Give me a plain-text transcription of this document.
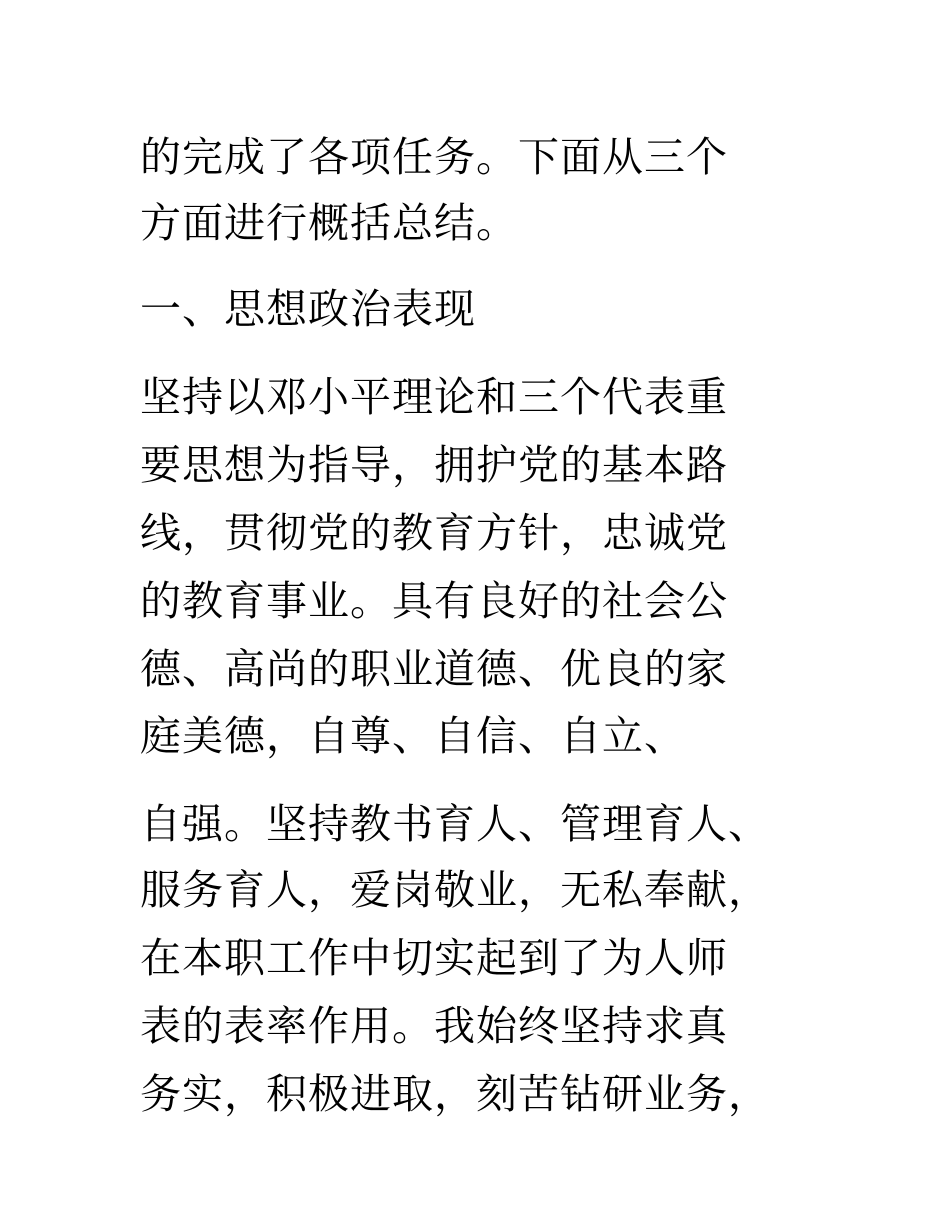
的完成了各项任务。下面从三个
方面进行概括总结。
一、思想政治表现
坚持以邓小平理论和三个代表重
要思想为指导，拥护党的基本路
线，贯彻党的教育方针，忠诚党
的教育事业。具有良好的社会公
德、高尚的职业道德、优良的家
庭美德，自尊、自信、自立、
自强。坚持教书育人、管理育人、
服务育人，爱岗敬业，无私奉献，
在本职工作中切实起到了为人师
表的表率作用。我始终坚持求真
务实，积极进取，刻苦钻研业务，
